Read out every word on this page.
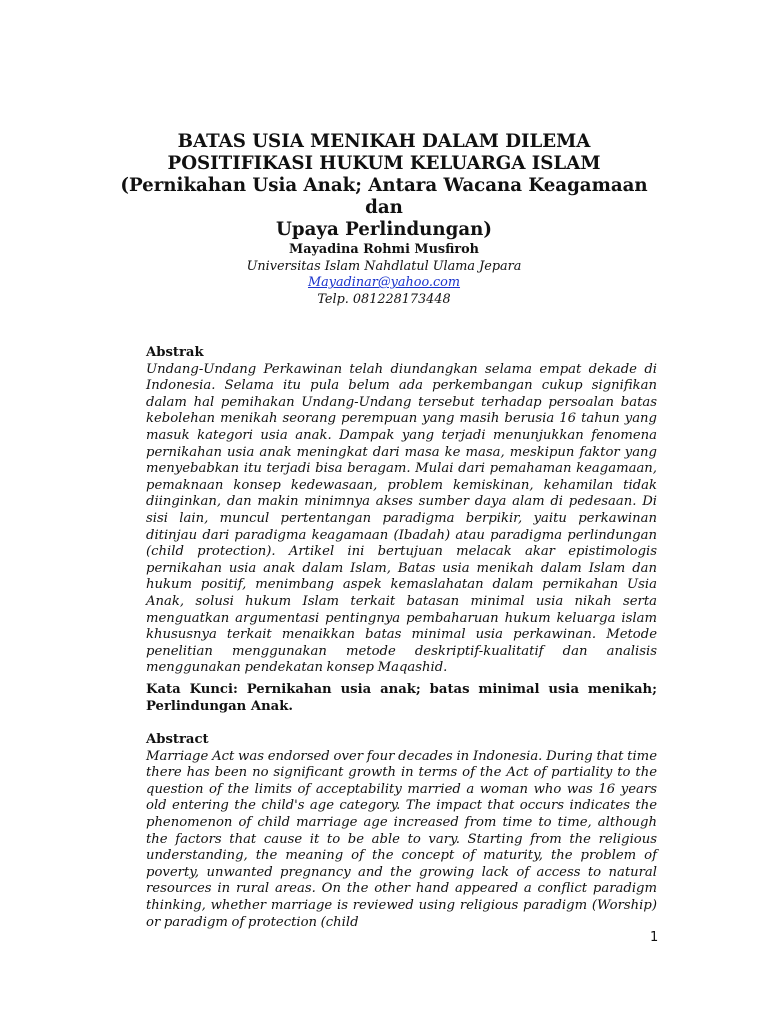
BATAS USIA MENIKAH DALAM DILEMA

POSITIFIKASI HUKUM KELUARGA ISLAM

(Pernikahan Usia Anak; Antara Wacana Keagamaan dan

Upaya Perlindungan)

Mayadina Rohmi Musfiroh
Universitas Islam Nahdlatul Ulama Jepara
Mayadinar@yahoo.com
Telp. 081228173448
Abstrak
Undang-Undang Perkawinan telah diundangkan selama empat dekade di Indonesia. Selama itu pula belum ada perkembangan cukup signifikan dalam hal pemihakan Undang-Undang tersebut terhadap persoalan batas kebolehan menikah seorang perempuan yang masih berusia 16 tahun yang masuk kategori usia anak. Dampak yang terjadi menunjukkan fenomena pernikahan usia anak meningkat dari masa ke masa, meskipun faktor yang menyebabkan itu terjadi bisa beragam. Mulai dari pemahaman keagamaan, pemaknaan konsep kedewasaan, problem kemiskinan, kehamilan tidak diinginkan, dan makin minimnya akses sumber daya alam di pedesaan. Di sisi lain, muncul pertentangan paradigma berpikir, yaitu perkawinan ditinjau dari paradigma keagamaan (Ibadah) atau paradigma perlindungan (child protection). Artikel ini bertujuan melacak akar epistimologis pernikahan usia anak dalam Islam, Batas usia menikah dalam Islam dan hukum positif, menimbang aspek kemaslahatan dalam pernikahan Usia Anak, solusi hukum Islam terkait batasan minimal usia nikah serta menguatkan argumentasi pentingnya pembaharuan hukum keluarga islam khususnya terkait menaikkan batas minimal usia perkawinan. Metode penelitian menggunakan metode deskriptif-kualitatif dan analisis menggunakan pendekatan konsep Maqashid.
Kata Kunci: Pernikahan usia anak; batas minimal usia menikah; Perlindungan Anak.
Abstract
Marriage Act was endorsed over four decades in Indonesia. During that time there has been no significant growth in terms of the Act of partiality to the question of the limits of acceptability married a woman who was 16 years old entering the child's age category. The impact that occurs indicates the phenomenon of child marriage age increased from time to time, although the factors that cause it to be able to vary. Starting from the religious understanding, the meaning of the concept of maturity, the problem of poverty, unwanted pregnancy and the growing lack of access to natural resources in rural areas. On the other hand appeared a conflict paradigm thinking, whether marriage is reviewed using religious paradigm (Worship) or paradigm of protection (child
1
